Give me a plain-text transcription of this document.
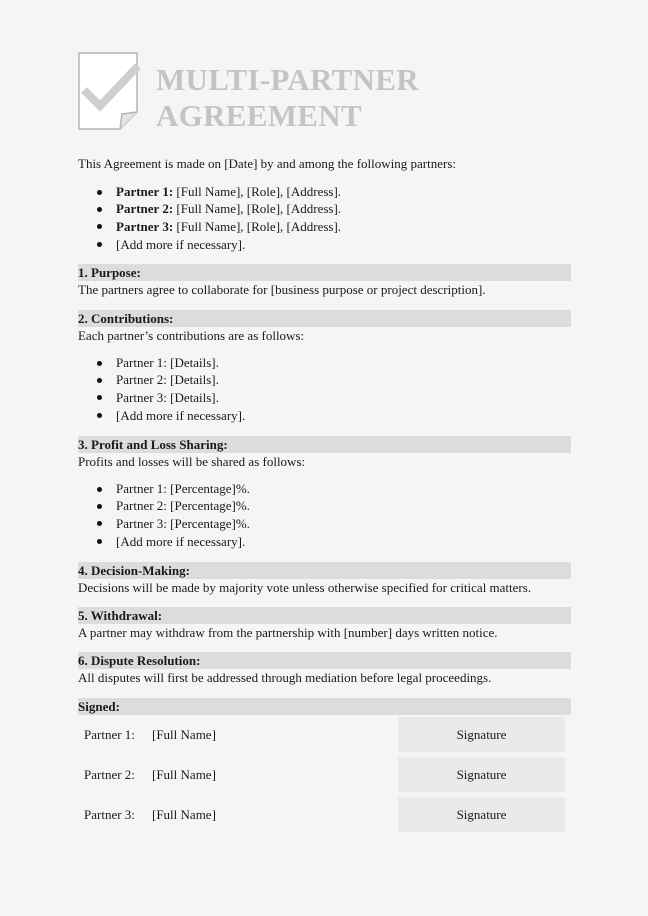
MULTI-PARTNER
AGREEMENT
This Agreement is made on [Date] by and among the following partners:
Partner 1: [Full Name], [Role], [Address].
Partner 2: [Full Name], [Role], [Address].
Partner 3: [Full Name], [Role], [Address].
[Add more if necessary].
1. Purpose:
The partners agree to collaborate for [business purpose or project description].
2. Contributions:
Each partner’s contributions are as follows:
Partner 1: [Details].
Partner 2: [Details].
Partner 3: [Details].
[Add more if necessary].
3. Profit and Loss Sharing:
Profits and losses will be shared as follows:
Partner 1: [Percentage]%.
Partner 2: [Percentage]%.
Partner 3: [Percentage]%.
[Add more if necessary].
4. Decision-Making:
Decisions will be made by majority vote unless otherwise specified for critical matters.
5. Withdrawal:
A partner may withdraw from the partnership with [number] days written notice.
6. Dispute Resolution:
All disputes will first be addressed through mediation before legal proceedings.
Signed:
Partner 1: [Full Name]	Signature
Partner 2: [Full Name]	Signature
Partner 3: [Full Name]	Signature
